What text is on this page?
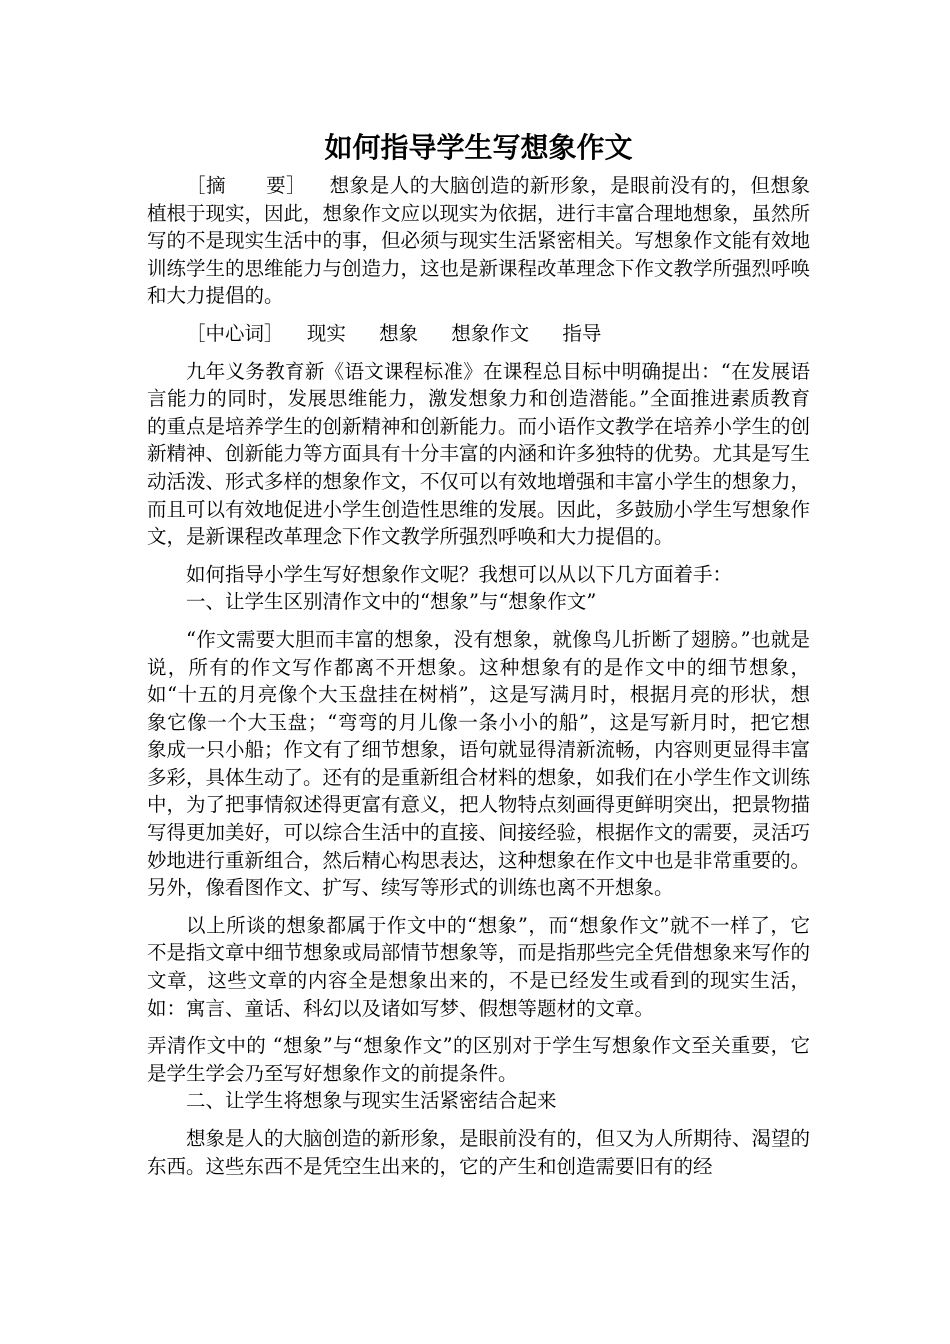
如何指导学生写想象作文

［摘　　要］ 想象是人的大脑创造的新形象，是眼前没有的，但想象植根于现实，因此，想象作文应以现实为依据，进行丰富合理地想象，虽然所写的不是现实生活中的事，但必须与现实生活紧密相关。写想象作文能有效地训练学生的思维能力与创造力，这也是新课程改革理念下作文教学所强烈呼唤和大力提倡的。

［中心词］ 现实 想象 想象作文 指导

九年义务教育新《语文课程标准》在课程总目标中明确提出：“在发展语言能力的同时，发展思维能力，激发想象力和创造潜能。”全面推进素质教育的重点是培养学生的创新精神和创新能力。而小语作文教学在培养小学生的创新精神、创新能力等方面具有十分丰富的内涵和许多独特的优势。尤其是写生动活泼、形式多样的想象作文，不仅可以有效地增强和丰富小学生的想象力，而且可以有效地促进小学生创造性思维的发展。因此，多鼓励小学生写想象作文，是新课程改革理念下作文教学所强烈呼唤和大力提倡的。

如何指导小学生写好想象作文呢？我想可以从以下几方面着手：

一、让学生区别清作文中的“想象”与“想象作文”

“作文需要大胆而丰富的想象，没有想象，就像鸟儿折断了翅膀。”也就是说，所有的作文写作都离不开想象。这种想象有的是作文中的细节想象，如“十五的月亮像个大玉盘挂在树梢”，这是写满月时，根据月亮的形状，想象它像一个大玉盘；“弯弯的月儿像一条小小的船”，这是写新月时，把它想象成一只小船；作文有了细节想象，语句就显得清新流畅，内容则更显得丰富多彩，具体生动了。还有的是重新组合材料的想象，如我们在小学生作文训练中，为了把事情叙述得更富有意义，把人物特点刻画得更鲜明突出，把景物描写得更加美好，可以综合生活中的直接、间接经验，根据作文的需要，灵活巧妙地进行重新组合，然后精心构思表达，这种想象在作文中也是非常重要的。另外，像看图作文、扩写、续写等形式的训练也离不开想象。

以上所谈的想象都属于作文中的“想象”，而“想象作文”就不一样了，它不是指文章中细节想象或局部情节想象等，而是指那些完全凭借想象来写作的文章，这些文章的内容全是想象出来的，不是已经发生或看到的现实生活，如：寓言、童话、科幻以及诸如写梦、假想等题材的文章。

弄清作文中的 “想象”与“想象作文”的区别对于学生写想象作文至关重要，它是学生学会乃至写好想象作文的前提条件。

二、让学生将想象与现实生活紧密结合起来

想象是人的大脑创造的新形象，是眼前没有的，但又为人所期待、渴望的东西。这些东西不是凭空生出来的，它的产生和创造需要旧有的经
